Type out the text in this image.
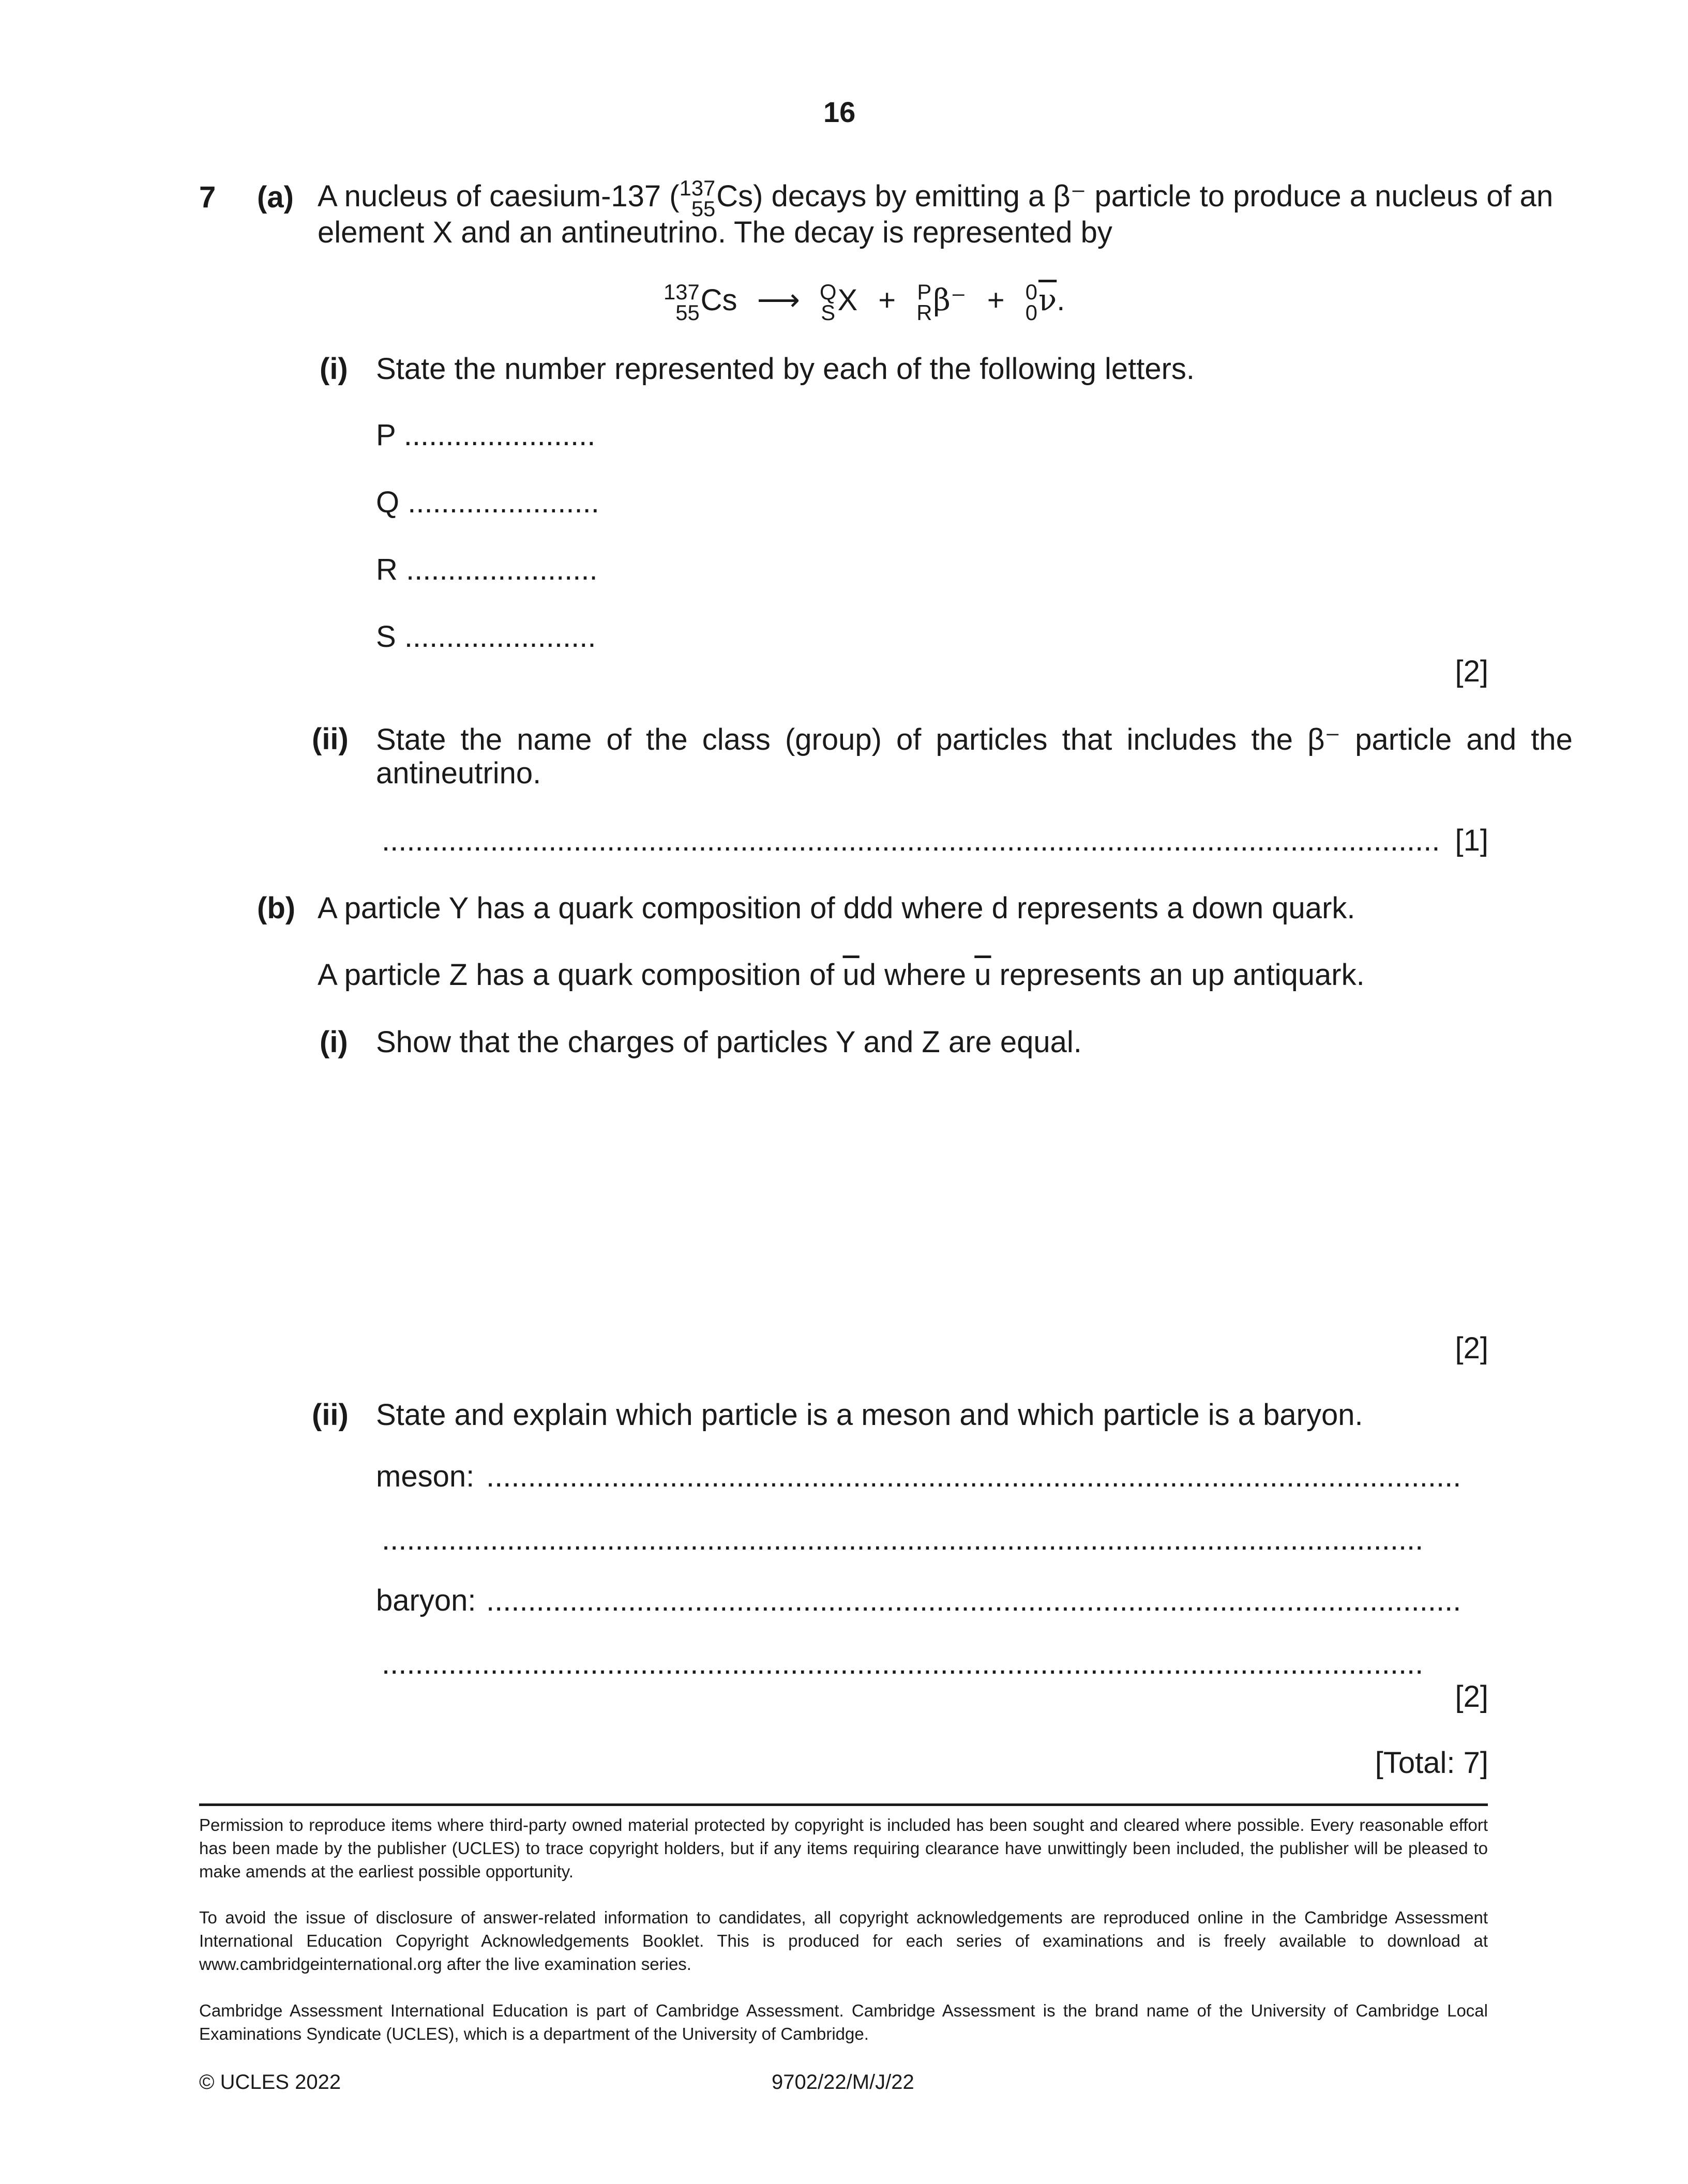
16
7 (a) A nucleus of caesium-137 ( 137
55 Cs) decays by emitting a β⁻ particle to produce a nucleus of an
element X and an antineutrino. The decay is represented by
137
55 Cs ⟶ Q
S X + P
R β⁻ + 0
0 $\overline{\nu}$.
(i) State the number represented by each of the following letters.
P .......................
Q .......................
R .......................
S .......................
[2]
(ii) State the name of the class (group) of particles that includes the β⁻ particle and the
antineutrino.
............................................................................................................................... [1]
(b) A particle Y has a quark composition of ddd where d represents a down quark.
A particle Z has a quark composition of $\overline{u}d$ where $\overline{u}$ represents an up antiquark.
(i) Show that the charges of particles Y and Z are equal.
[2]
(ii) State and explain which particle is a meson and which particle is a baryon.
meson: .....................................................................................................................
.............................................................................................................................
baryon: .....................................................................................................................
.............................................................................................................................
[2]
[Total: 7]
Permission to reproduce items where third-party owned material protected by copyright is included has been sought and cleared where possible. Every reasonable effort has been made by the publisher (UCLES) to trace copyright holders, but if any items requiring clearance have unwittingly been included, the publisher will be pleased to make amends at the earliest possible opportunity.
To avoid the issue of disclosure of answer-related information to candidates, all copyright acknowledgements are reproduced online in the Cambridge Assessment International Education Copyright Acknowledgements Booklet. This is produced for each series of examinations and is freely available to download at www.cambridgeinternational.org after the live examination series.
Cambridge Assessment International Education is part of Cambridge Assessment. Cambridge Assessment is the brand name of the University of Cambridge Local Examinations Syndicate (UCLES), which is a department of the University of Cambridge.
© UCLES 2022	9702/22/M/J/22
